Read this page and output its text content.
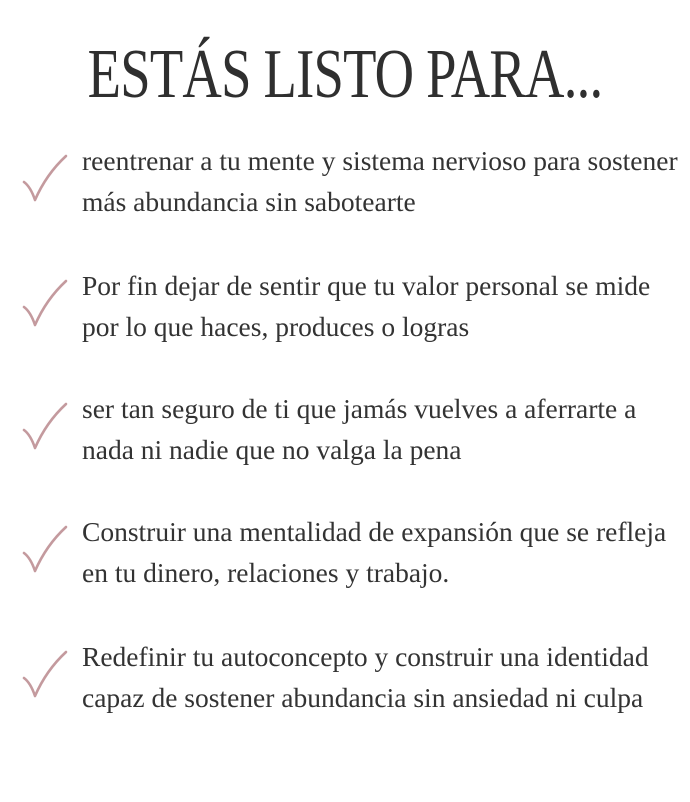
ESTÁS LISTO PARA...
reentrenar a tu mente y sistema nervioso para sostener más abundancia sin sabotearte
Por fin dejar de sentir que tu valor personal se mide por lo que haces, produces o logras
ser tan seguro de ti que jamás vuelves a aferrarte a nada ni nadie que no valga la pena
Construir una mentalidad de expansión que se refleja en tu dinero, relaciones y trabajo.
Redefinir tu autoconcepto y construir una identidad capaz de sostener abundancia sin ansiedad ni culpa
